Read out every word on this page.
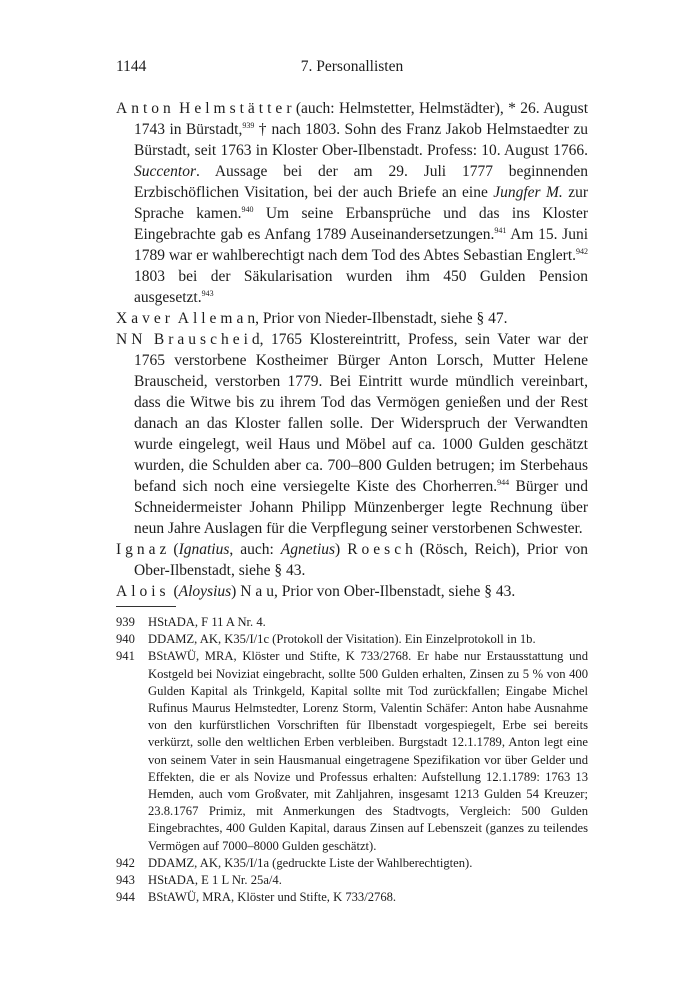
1144	7. Personallisten

Anton Helmstätter (auch: Helmstetter, Helmstädter), * 26. August 1743 in Bürstadt,$^{939}$ † nach 1803. Sohn des Franz Jakob Helmstaedter zu Bürstadt, seit 1763 in Kloster Ober-Ilbenstadt. Profess: 10. August 1766. Succentor. Aussage bei der am 29. Juli 1777 beginnenden Erzbischöflichen Visitation, bei der auch Briefe an eine Jungfer M. zur Sprache kamen.$^{940}$ Um seine Erbansprüche und das ins Kloster Eingebrachte gab es Anfang 1789 Auseinandersetzungen.$^{941}$ Am 15. Juni 1789 war er wahlberechtigt nach dem Tod des Abtes Sebastian Englert.$^{942}$ 1803 bei der Säkularisation wurden ihm 450 Gulden Pension ausgesetzt.$^{943}$

Xaver Alleman, Prior von Nieder-Ilbenstadt, siehe § 47.

NN Brauscheid, 1765 Klostereintritt, Profess, sein Vater war der 1765 verstorbene Kostheimer Bürger Anton Lorsch, Mutter Helene Brauscheid, verstorben 1779. Bei Eintritt wurde mündlich vereinbart, dass die Witwe bis zu ihrem Tod das Vermögen genießen und der Rest danach an das Kloster fallen solle. Der Widerspruch der Verwandten wurde eingelegt, weil Haus und Möbel auf ca. 1000 Gulden geschätzt wurden, die Schulden aber ca. 700–800 Gulden betrugen; im Sterbehaus befand sich noch eine versiegelte Kiste des Chorherren.$^{944}$ Bürger und Schneidermeister Johann Philipp Münzenberger legte Rechnung über neun Jahre Auslagen für die Verpflegung seiner verstorbenen Schwester.

Ignaz (Ignatius, auch: Agnetius) Roesch (Rösch, Reich), Prior von Ober-Ilbenstadt, siehe § 43.

Alois (Aloysius) Nau, Prior von Ober-Ilbenstadt, siehe § 43.

939	HStADA, F 11 A Nr. 4.
940	DDAMZ, AK, K35/I/1c (Protokoll der Visitation). Ein Einzelprotokoll in 1b.
941	BStAWÜ, MRA, Klöster und Stifte, K 733/2768. Er habe nur Erstausstattung und Kostgeld bei Noviziat eingebracht, sollte 500 Gulden erhalten, Zinsen zu 5 % von 400 Gulden Kapital als Trinkgeld, Kapital sollte mit Tod zurückfallen; Eingabe Michel Rufinus Maurus Helmstedter, Lorenz Storm, Valentin Schäfer: Anton habe Ausnahme von den kurfürstlichen Vorschriften für Ilbenstadt vorgespiegelt, Erbe sei bereits verkürzt, solle den weltlichen Erben verbleiben. Burgstadt 12.1.1789, Anton legt eine von seinem Vater in sein Hausmanual eingetragene Spezifikation vor über Gelder und Effekten, die er als Novize und Professus erhalten: Aufstellung 12.1.1789: 1763 13 Hemden, auch vom Großvater, mit Zahljahren, insgesamt 1213 Gulden 54 Kreuzer; 23.8.1767 Primiz, mit Anmerkungen des Stadtvogts, Vergleich: 500 Gulden Eingebrachtes, 400 Gulden Kapital, daraus Zinsen auf Lebenszeit (ganzes zu teilendes Vermögen auf 7000–8000 Gulden geschätzt).
942	DDAMZ, AK, K35/I/1a (gedruckte Liste der Wahlberechtigten).
943	HStADA, E 1 L Nr. 25a/4.
944	BStAWÜ, MRA, Klöster und Stifte, K 733/2768.
